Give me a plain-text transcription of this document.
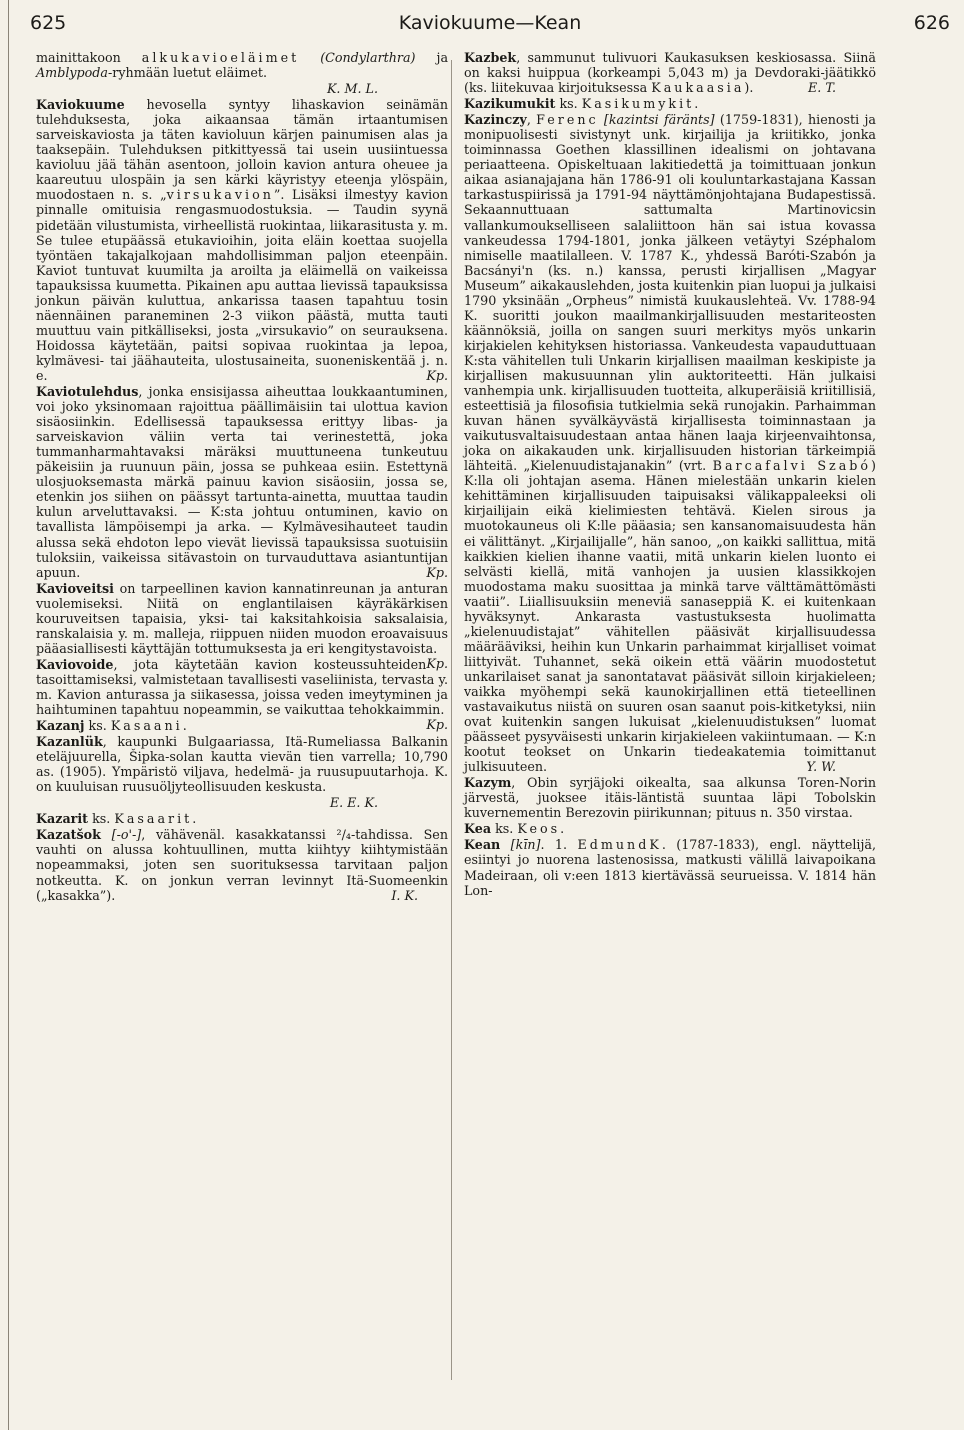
625	Kaviokuume—Kean	626

mainittakoon alkukavioeläimet (Condylarthra) ja Amblypoda-ryhmään luetut eläimet.

K. M. L.

Kaviokuume hevosella syntyy lihaskavion seinämän tulehduksesta, joka aikaansaa tämän irtaantumisen sarveiskaviosta ja täten kavioluun kärjen painumisen alas ja taaksepäin. Tulehduksen pitkittyessä tai usein uusiintuessa kavioluu jää tähän asentoon, jolloin kavion antura oheuee ja kaareutuu ulospäin ja sen kärki käyristyy eteenja ylöspäin, muodostaen n. s. „virsukavion”. Lisäksi ilmestyy kavion pinnalle omituisia rengasmuodostuksia. — Taudin syynä pidetään vilustumista, virheellistä ruokintaa, liikarasitusta y. m. Se tulee etupäässä etukavioihin, joita eläin koettaa suojella työntäen takajalkojaan mahdollisimman paljon eteenpäin. Kaviot tuntuvat kuumilta ja aroilta ja eläimellä on vaikeissa tapauksissa kuumetta. Pikainen apu auttaa lievissä tapauksissa jonkun päivän kuluttua, ankarissa taasen tapahtuu tosin näennäinen paraneminen 2-3 viikon päästä, mutta tauti muuttuu vain pitkälliseksi, josta „virsukavio” on seurauksena. Hoidossa käytetään, paitsi sopivaa ruokintaa ja lepoa, kylmävesi- tai jäähauteita, ulostusaineita, suoneniskentää j. n. e.	Kp.

Kaviotulehdus, jonka ensisijassa aiheuttaa loukkaantuminen, voi joko yksinomaan rajoittua päällimäisiin tai ulottua kavion sisäosiinkin. Edellisessä tapauksessa erittyy libas- ja sarveiskavion väliin verta tai verinestettä, joka tummanharmahtavaksi märäksi muuttuneena tunkeutuu päkeisiin ja ruunuun päin, jossa se puhkeaa esiin. Estettynä ulosjuoksemasta märkä painuu kavion sisäosiin, jossa se, etenkin jos siihen on päässyt tartunta-ainetta, muuttaa taudin kulun arveluttavaksi. — K:sta johtuu ontuminen, kavio on tavallista lämpöisempi ja arka. — Kylmävesihauteet taudin alussa sekä ehdoton lepo vievät lievissä tapauksissa suotuisiin tuloksiin, vaikeissa sitävastoin on turvauduttava asiantuntijan apuun.	Kp.

Kavioveitsi on tarpeellinen kavion kannatinreunan ja anturan vuolemiseksi. Niitä on englantilaisen käyräkärkisen kouruveitsen tapaisia, yksi- tai kaksitahkoisia saksalaisia, ranskalaisia y. m. malleja, riippuen niiden muodon eroavaisuus pääasiallisesti käyttäjän tottumuksesta ja eri kengitystavoista.
Kp.

Kaviovoide, jota käytetään kavion kosteussuhteiden tasoittamiseksi, valmistetaan tavallisesti vaseliinista, tervasta y. m. Kavion anturassa ja siikasessa, joissa veden imeytyminen ja haihtuminen tapahtuu nopeammin, se vaikuttaa tehokkaimmin.
Kp.

Kazanj ks. Kasaani.

Kazanlük, kaupunki Bulgaariassa, Itä-Rumeliassa Balkanin eteläjuurella, Šipka-solan kautta vievän tien varrella; 10,790 as. (1905). Ympäristö viljava, hedelmä- ja ruusupuutarhoja. K. on kuuluisan ruusuöljyteollisuuden keskusta.

E. E. K.

Kazarit ks. Kasaarit.

Kazatšok [-o'-], vähävenäl. kasakkatanssi ²/₄-tahdissa. Sen vauhti on alussa kohtuullinen, mutta kiihtyy kiihtymistään nopeammaksi, joten sen suorituksessa tarvitaan paljon notkeutta. K. on jonkun verran levinnyt Itä-Suomeenkin („kasakka”).	I. K.

Kazbek, sammunut tulivuori Kaukasuksen keskiosassa. Siinä on kaksi huippua (korkeampi 5,043 m) ja Devdoraki-jäätikkö (ks. liitekuvaa kirjoituksessa Kaukaasia).	E. T.

Kazikumukit ks. Kasikumykit.

Kazinczy, Ferenc [kazintsi färänts] (1759-1831), hienosti ja monipuolisesti sivistynyt unk. kirjailija ja kriitikko, jonka toiminnassa Goethen klassillinen idealismi on johtavana periaatteena. Opiskeltuaan lakitiedettä ja toimittuaan jonkun aikaa asianajajana hän 1786-91 oli kouluntarkastajana Kassan tarkastuspiirissä ja 1791-94 näyttämönjohtajana Budapestissä. Sekaannuttuaan sattumalta Martinovicsin vallankumoukselliseen salaliittoon hän sai istua kovassa vankeudessa 1794-1801, jonka jälkeen vetäytyi Széphalom nimiselle maatilalleen. V. 1787 K., yhdessä Baróti-Szabón ja Bacsányi'n (ks. n.) kanssa, perusti kirjallisen „Magyar Museum” aikakauslehden, josta kuitenkin pian luopui ja julkaisi 1790 yksinään „Orpheus” nimistä kuukauslehteä. Vv. 1788-94 K. suoritti joukon maailmankirjallisuuden mestariteosten käännöksiä, joilla on sangen suuri merkitys myös unkarin kirjakielen kehityksen historiassa. Vankeudesta vapauduttuaan K:sta vähitellen tuli Unkarin kirjallisen maailman keskipiste ja kirjallisen makusuunnan ylin auktoriteetti. Hän julkaisi vanhempia unk. kirjallisuuden tuotteita, alkuperäisiä kriitillisiä, esteettisiä ja filosofisia tutkielmia sekä runojakin. Parhaimman kuvan hänen syvälkäyvästä kirjallisesta toiminnastaan ja vaikutusvaltaisuudestaan antaa hänen laaja kirjeenvaihtonsa, joka on aikakauden unk. kirjallisuuden historian tärkeimpiä lähteitä. „Kielenuudistajanakin” (vrt. Barcafalvi Szabó) K:lla oli johtajan asema. Hänen mielestään unkarin kielen kehittäminen kirjallisuuden taipuisaksi välikappaleeksi oli kirjailijain eikä kielimiesten tehtävä. Kielen sirous ja muotokauneus oli K:lle pääasia; sen kansanomaisuudesta hän ei välittänyt. „Kirjailijalle”, hän sanoo, „on kaikki sallittua, mitä kaikkien kielien ihanne vaatii, mitä unkarin kielen luonto ei selvästi kiellä, mitä vanhojen ja uusien klassikkojen muodostama maku suosittaa ja minkä tarve välttämättömästi vaatii”. Liiallisuuksiin meneviä sanaseppiä K. ei kuitenkaan hyväksynyt. Ankarasta vastustuksesta huolimatta „kielenuudistajat” vähitellen pääsivät kirjallisuudessa määrääviksi, heihin kun Unkarin parhaimmat kirjalliset voimat liittyivät. Tuhannet, sekä oikein että väärin muodostetut unkarilaiset sanat ja sanontatavat pääsivät silloin kirjakieleen; vaikka myöhempi sekä kaunokirjallinen että tieteellinen vastavaikutus niistä on suuren osan saanut pois-kitketyksi, niin ovat kuitenkin sangen lukuisat „kielenuudistuksen” luomat päässeet pysyväisesti unkarin kirjakieleen vakiintumaan. — K:n kootut teokset on Unkarin tiedeakatemia toimittanut julkisuuteen.	Y. W.

Kazym, Obin syrjäjoki oikealta, saa alkunsa Toren-Norin järvestä, juoksee itäis-läntistä suuntaa läpi Tobolskin kuvernementin Berezovin piirikunnan; pituus n. 350 virstaa.

Kea ks. Keos.

Kean [kīn]. 1. EdmundK. (1787-1833), engl. näyttelijä, esiintyi jo nuorena lastenosissa, matkusti välillä laivapoikana Madeiraan, oli v:een 1813 kiertävässä seurueissa. V. 1814 hän Lon-
